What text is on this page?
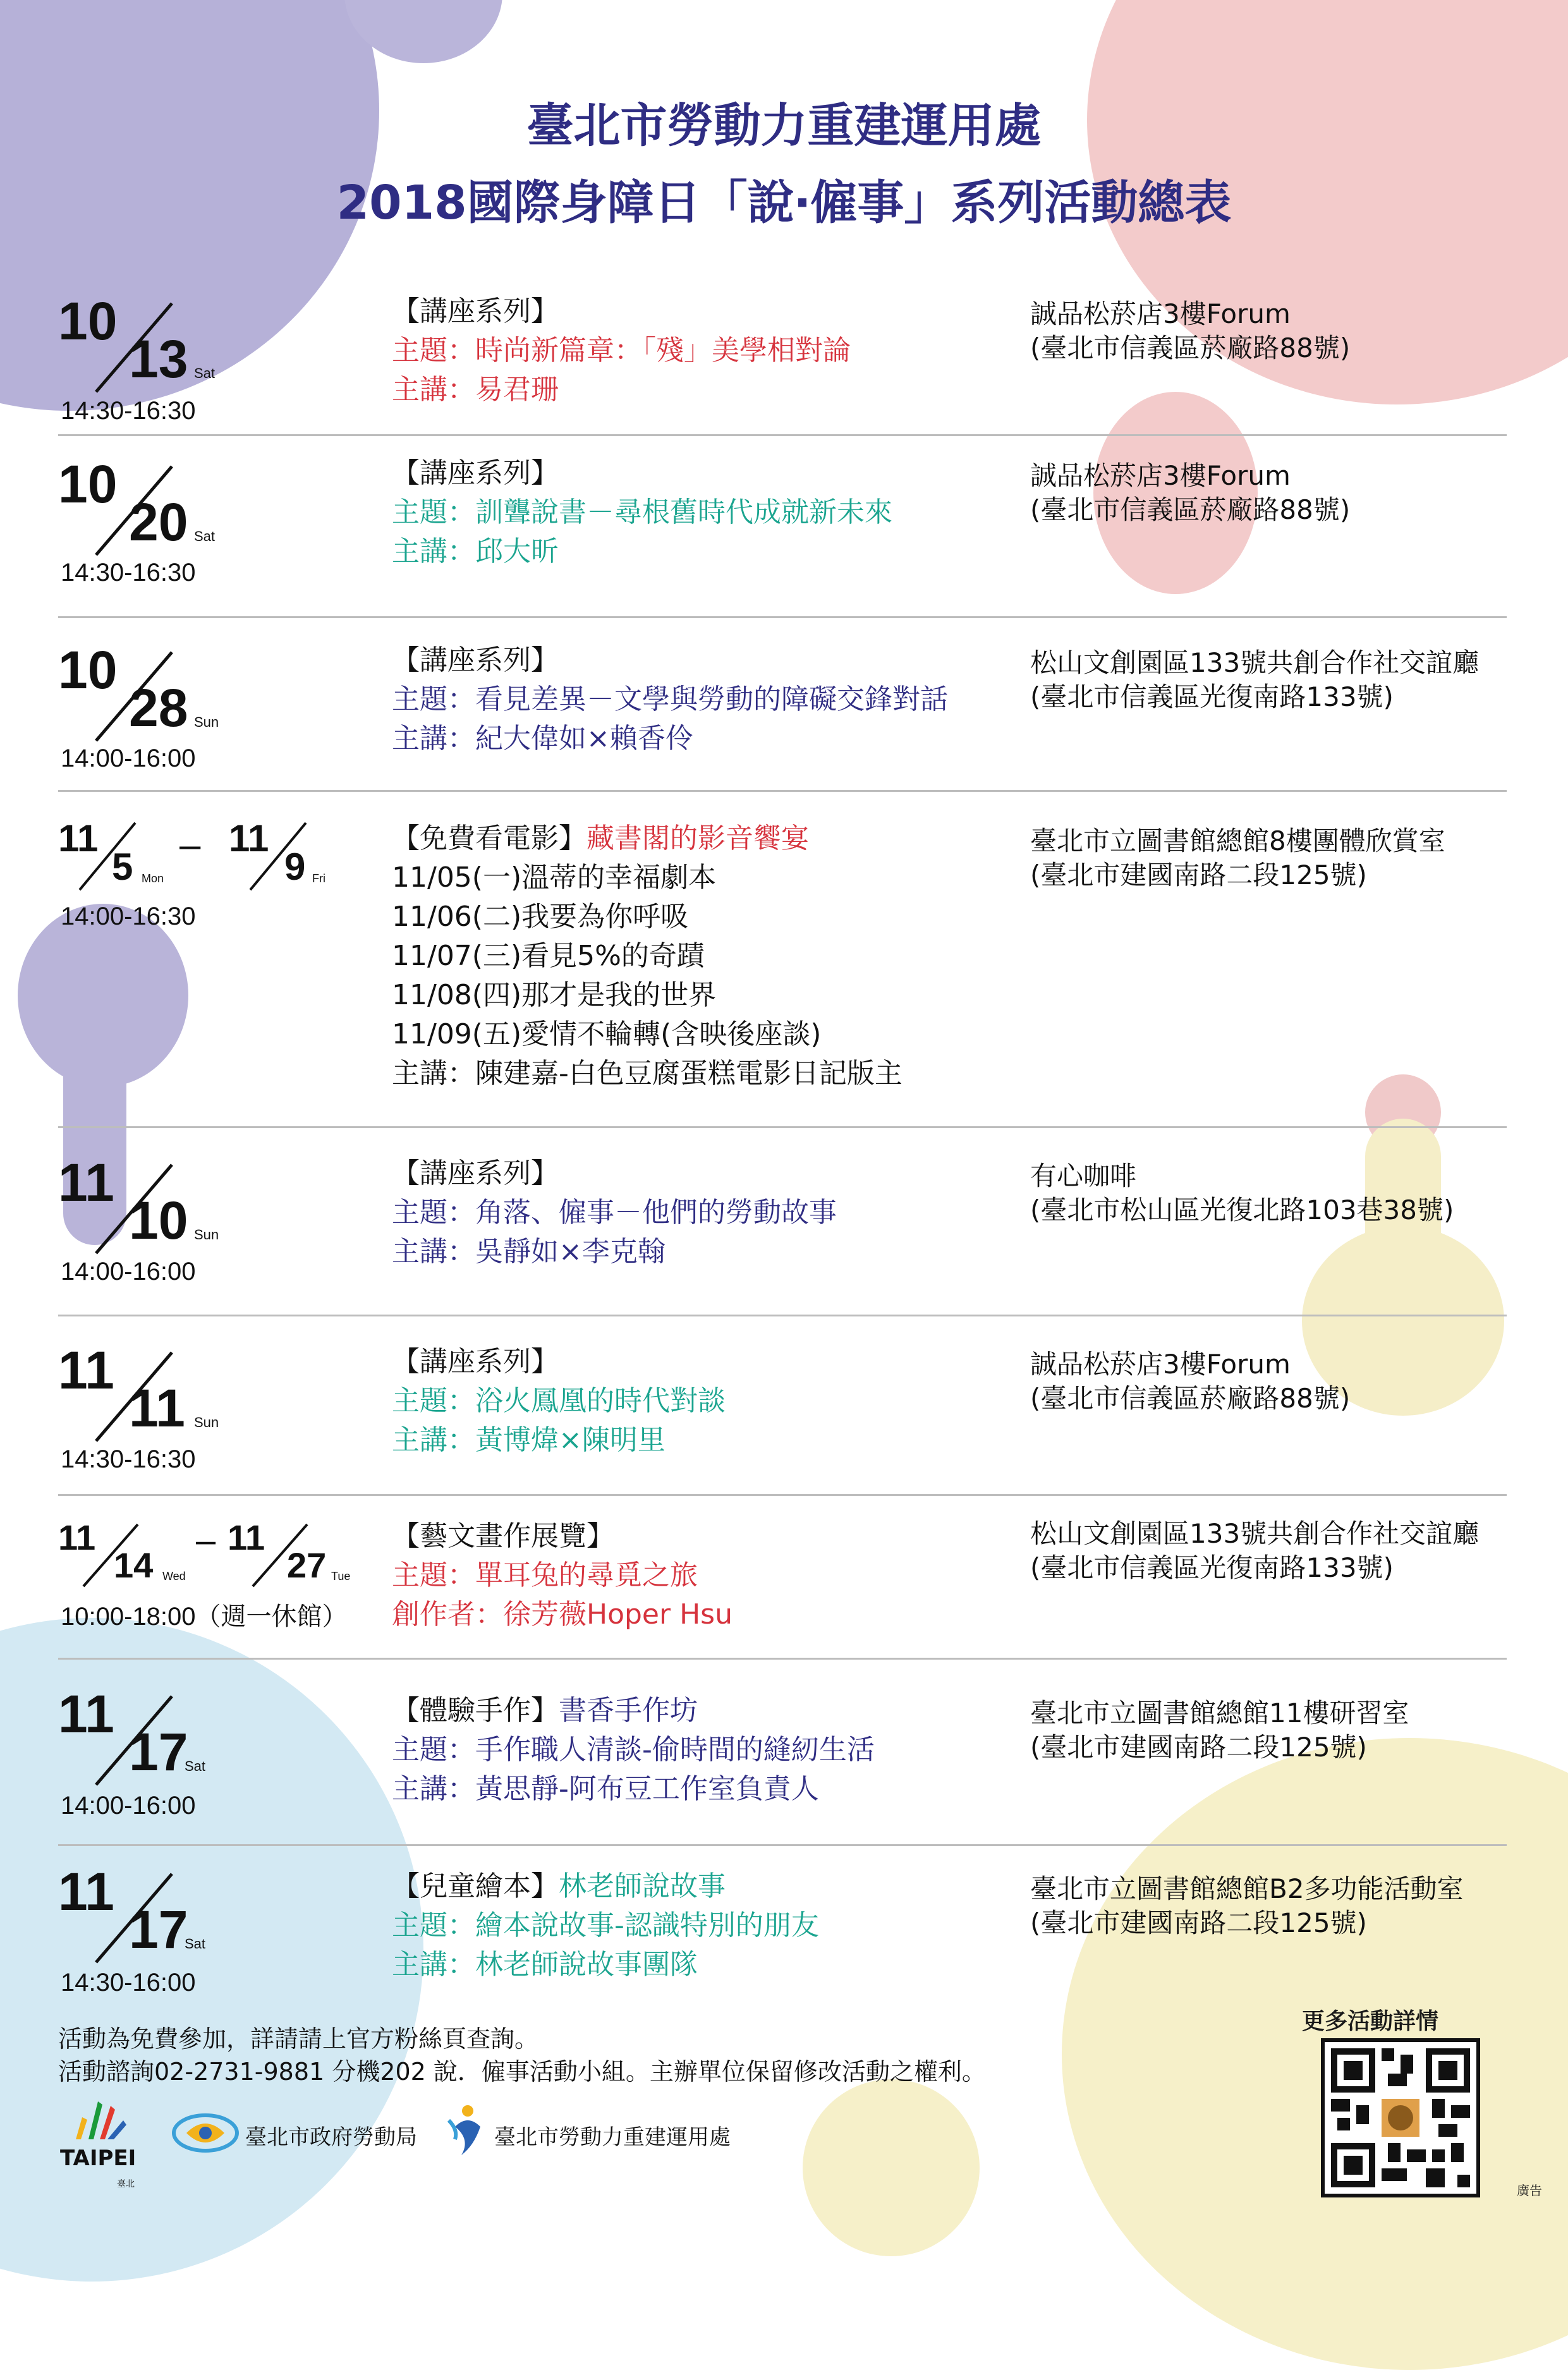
臺北市勞動力重建運用處
2018國際身障日「說‧僱事」系列活動總表
10
13 Sat
14:30-16:30
【講座系列】
主題：時尚新篇章：「殘」美學相對論
主講：易君珊
誠品松菸店3樓Forum
(臺北市信義區菸廠路88號)
10
20 Sat
14:30-16:30
【講座系列】
主題：訓聾說書－尋根舊時代成就新未來
主講：邱大昕
誠品松菸店3樓Forum
(臺北市信義區菸廠路88號)
10
28 Sun
14:00-16:00
【講座系列】
主題：看見差異－文學與勞動的障礙交鋒對話
主講：紀大偉如×賴香伶
松山文創園區133號共創合作社交誼廳
(臺北市信義區光復南路133號)
11
5 Mon
– 11
9 Fri
14:00-16:30
【免費看電影】藏書閣的影音饗宴
11/05(一)溫蒂的幸福劇本
11/06(二)我要為你呼吸
11/07(三)看見5%的奇蹟
11/08(四)那才是我的世界
11/09(五)愛情不輪轉(含映後座談)
主講：陳建嘉-白色豆腐蛋糕電影日記版主
臺北市立圖書館總館8樓團體欣賞室
(臺北市建國南路二段125號)
11
10 Sun
14:00-16:00
【講座系列】
主題：角落、僱事－他們的勞動故事
主講：吳靜如×李克翰
有心咖啡
(臺北市松山區光復北路103巷38號)
11
11 Sun
14:30-16:30
【講座系列】
主題：浴火鳳凰的時代對談
主講：黃博煒×陳明里
誠品松菸店3樓Forum
(臺北市信義區菸廠路88號)
11
14 Wed
– 11
27 Tue
10:00-18:00（週一休館）
【藝文畫作展覽】
主題：單耳兔的尋覓之旅
創作者：徐芳薇Hoper Hsu
松山文創園區133號共創合作社交誼廳
(臺北市信義區光復南路133號)
11
17
Sat
14:00-16:00
【體驗手作】書香手作坊
主題：手作職人清談-偷時間的縫紉生活
主講：黃思靜-阿布豆工作室負責人
臺北市立圖書館總館11樓研習室
(臺北市建國南路二段125號)
11
17
Sat
14:30-16:00
【兒童繪本】林老師說故事
主題：繪本說故事-認識特別的朋友
主講：林老師說故事團隊
臺北市立圖書館總館B2多功能活動室
(臺北市建國南路二段125號)
活動為免費參加，詳請請上官方粉絲頁查詢。
活動諮詢02-2731-9881 分機202 說．僱事活動小組。主辦單位保留修改活動之權利。
更多活動詳情
廣告
TAIPEI
臺北
臺北市政府勞動局	臺北市勞動力重建運用處
